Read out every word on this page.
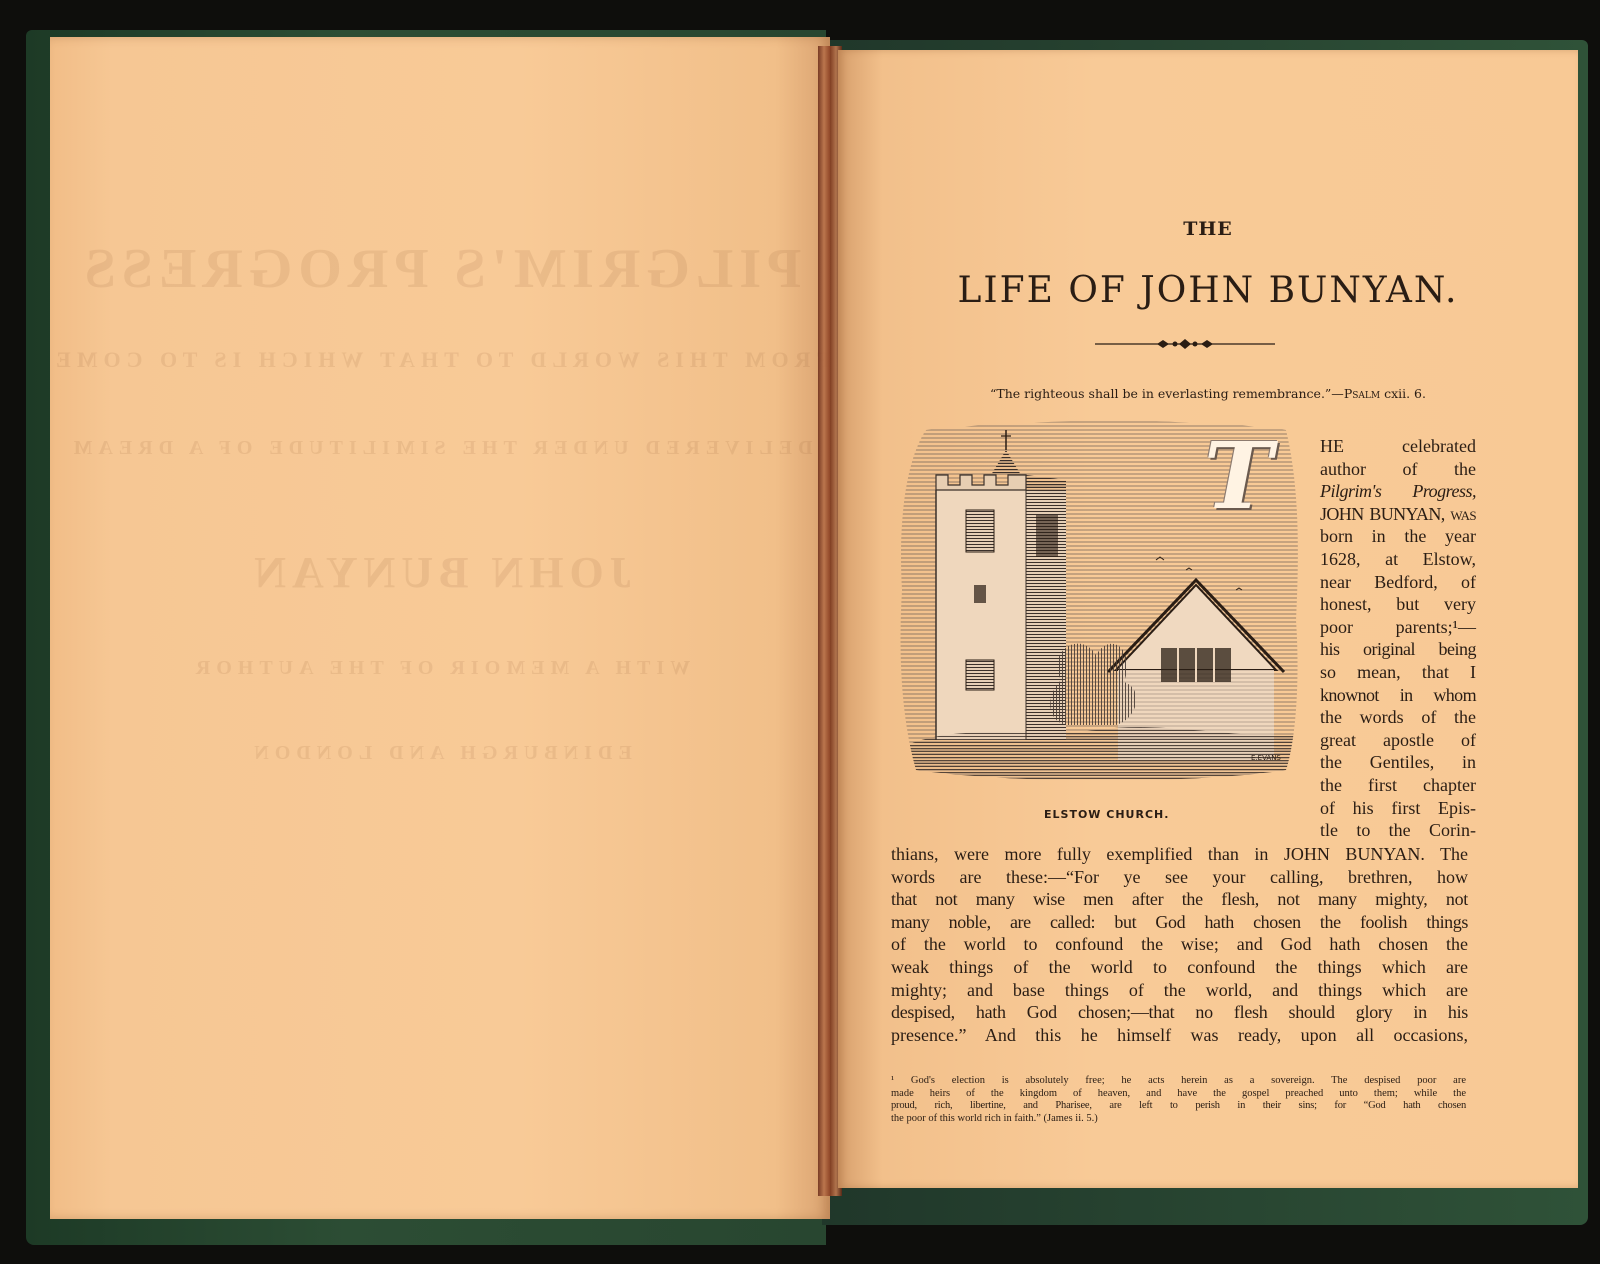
THE
LIFE OF JOHN BUNYAN.
“The righteous shall be in everlasting remembrance.”—Psalm cxii. 6.
E.EVANS
ELSTOW CHURCH.
T	HE celebrated
author of the
Pilgrim's Progress,
JOHN BUNYAN, was
born in the year
1628, at Elstow,
near Bedford, of
honest, but very
poor parents;¹—
his original being
so mean, that I
knownot in whom
the words of the
great apostle of
the Gentiles, in
the first chapter
of his first Epis-
tle to the Corin-
thians, were more fully exemplified than in JOHN BUNYAN. The
words are these:—“For ye see your calling, brethren, how
that not many wise men after the flesh, not many mighty, not
many noble, are called: but God hath chosen the foolish things
of the world to confound the wise; and God hath chosen the
weak things of the world to confound the things which are
mighty; and base things of the world, and things which are
despised, hath God chosen;—that no flesh should glory in his
presence.” And this he himself was ready, upon all occasions,
¹ God's election is absolutely free; he acts herein as a sovereign. The despised poor are
made heirs of the kingdom of heaven, and have the gospel preached unto them; while the
proud, rich, libertine, and Pharisee, are left to perish in their sins; for “God hath chosen
the poor of this world rich in faith.” (James ii. 5.)
